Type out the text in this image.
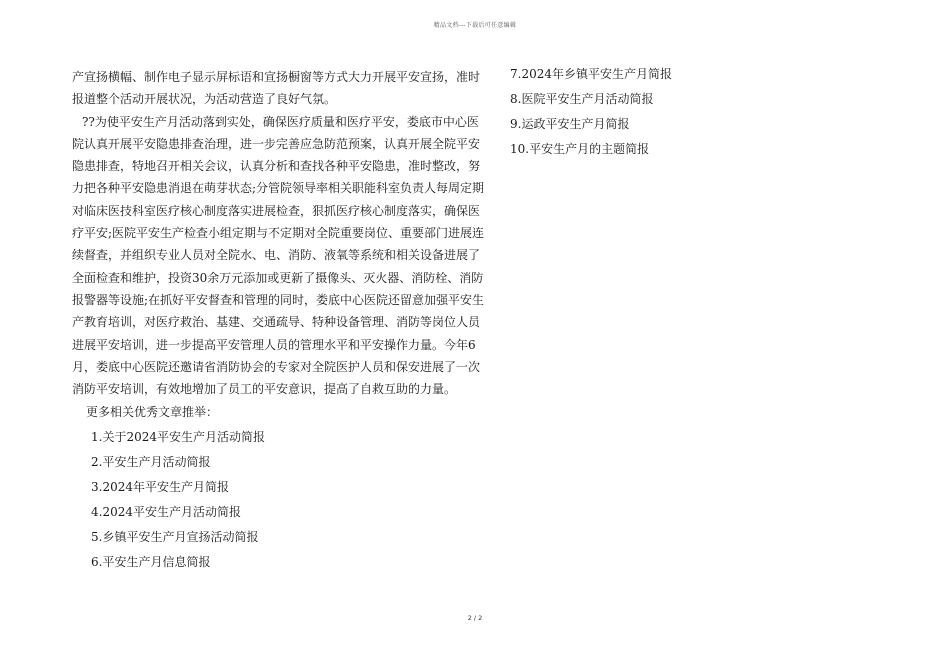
精品文档---下载后可任意编辑

产宣扬横幅、制作电子显示屏标语和宣扬橱窗等方式大力开展平安宣扬，准时

报道整个活动开展状况，为活动营造了良好气氛。

??为使平安生产月活动落到实处，确保医疗质量和医疗平安，娄底市中心医

院认真开展平安隐患排查治理，进一步完善应急防范预案，认真开展全院平安

隐患排查，特地召开相关会议，认真分析和查找各种平安隐患，准时整改，努

力把各种平安隐患消退在萌芽状态;分管院领导率相关职能科室负责人每周定期

对临床医技科室医疗核心制度落实进展检查，狠抓医疗核心制度落实，确保医

疗平安;医院平安生产检查小组定期与不定期对全院重要岗位、重要部门进展连

续督查，并组织专业人员对全院水、电、消防、液氧等系统和相关设备进展了

全面检查和维护，投资30余万元添加或更新了摄像头、灭火器、消防栓、消防

报警器等设施;在抓好平安督查和管理的同时，娄底中心医院还留意加强平安生

产教育培训，对医疗救治、基建、交通疏导、特种设备管理、消防等岗位人员

进展平安培训，进一步提高平安管理人员的管理水平和平安操作力量。今年6

月，娄底中心医院还邀请省消防协会的专家对全院医护人员和保安进展了一次

消防平安培训，有效地增加了员工的平安意识，提高了自救互助的力量。

更多相关优秀文章推举：

1.关于2024平安生产月活动简报
2.平安生产月活动简报
3.2024年平安生产月简报
4.2024平安生产月活动简报
5.乡镇平安生产月宣扬活动简报
6.平安生产月信息简报
7.2024年乡镇平安生产月简报
8.医院平安生产月活动简报
9.运政平安生产月简报
10.平安生产月的主题简报
2 / 2
